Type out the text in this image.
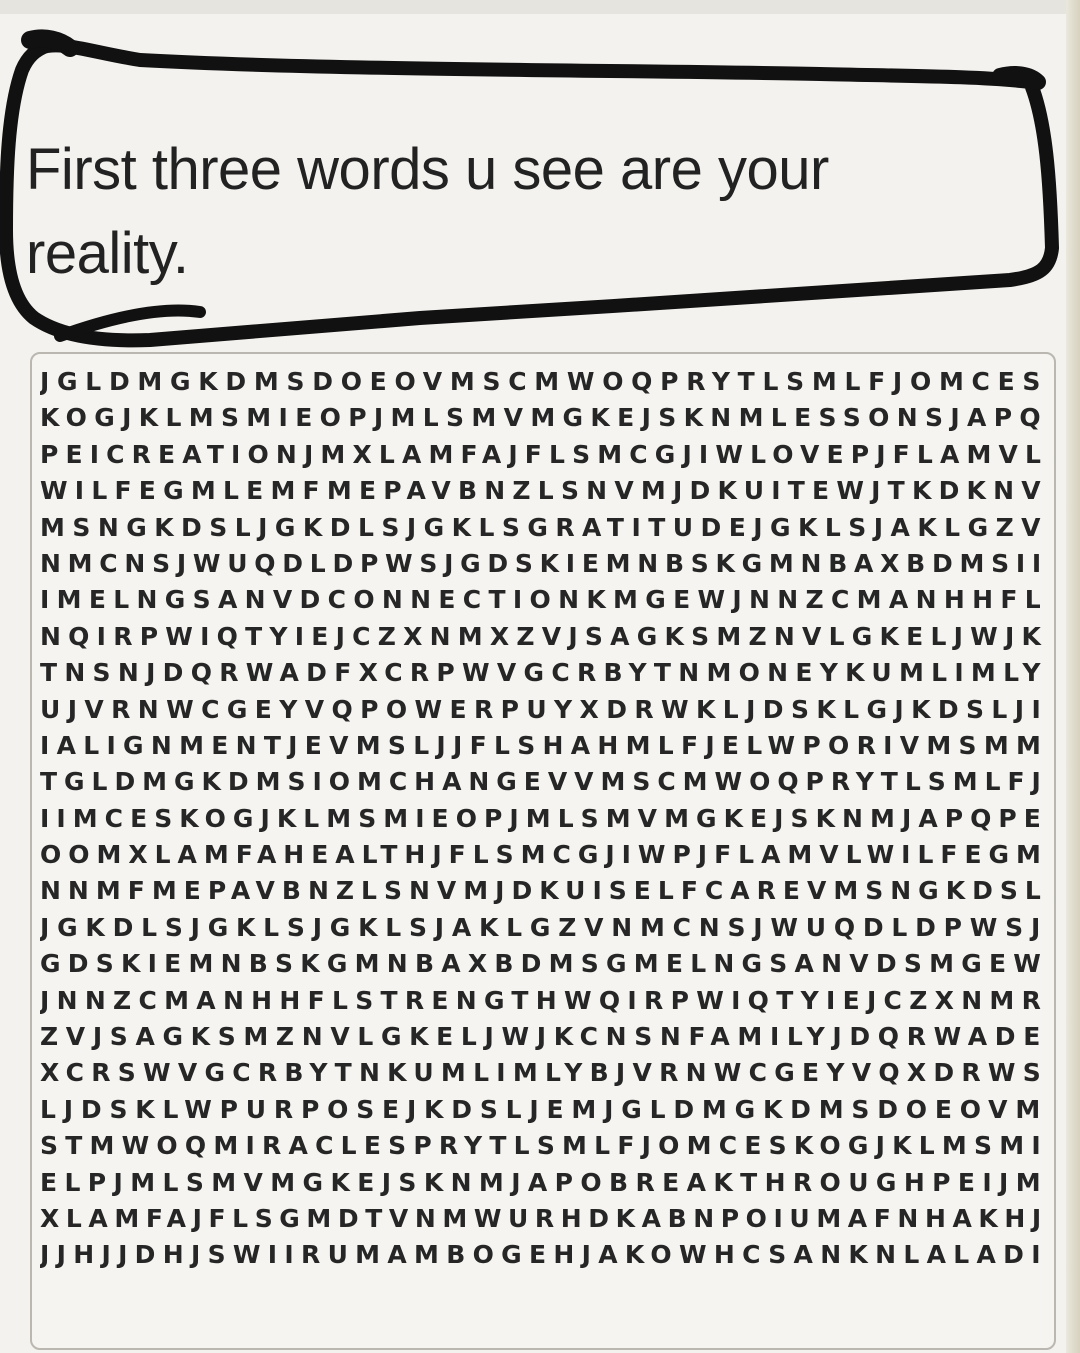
First three words u see are your
reality.
JGLDMGKDMSDOEOVMSCMWOQPRYTLSMLFJOMCES
KOGJKLMSMIEOPJMLSMVMGKEJSKNMLESSONSJAPQ
PEICREATIONJMXLAMFAJFLSMCGJIWLOVEPJFLAMVL
WILFEGMLEMFMEPAVBNZLSNVMJDKUITEWJTKDKNV
MSNGKDSLJGKDLSJGKLSGRATITUDEJGKLSJAKLGZV
NMCNSJWUQDLDPWSJGDSKIEMNBSKGMNBAXBDMSII
IMELNGSANVDCONNECTIONKMGEWJNNZCMANHHFL
NQIRPWIQTYIEJCZXNMXZVJSAGKSMZNVLGKELJWJK
TNSNJDQRWADFXCRPWVGCRBYTNMONEYKUMLIMLY
UJVRNWCGEYVQPOWERPUYXDRWKLJDSKLGJKDSLJI
IALIGNMENTJEVMSLJJFLSHAHMLFJELWPORIVMSMM
TGLDMGKDMSIOMCHANGEVVMSCMWOQPRYTLSMLFJ
IIMCESKOGJKLMSMIEOPJMLSMVMGKEJSKNMJAPQPE
OOMXLAMFAHEALTHJFLSMCGJIWPJFLAMVLWILFEGM
NNMFMEPAVBNZLSNVMJDKUISELFCAREVMSNGKDSL
JGKDLSJGKLSJGKLSJAKLGZVNMCNSJWUQDLDPWSJ
GDSKIEMNBSKGMNBAXBDMSGMELNGSANVDSMGEW
JNNZCMANHHFLSTRENGTHWQIRPWIQTYIEJCZXNMR
ZVJSAGKSMZNVLGKELJWJKCNSNFAMILYJDQRWADE
XCRSWVGCRBYTNKUMLIMLYBJVRNWCGEYVQXDRWS
LJDSKLWPURPOSEJKDSLJEMJGLDMGKDMSDOEOVM
STMWOQMIRACLESPRYTLSMLFJOMCESKOGJKLMSMI
ELPJMLSMVMGKEJSKNMJAPOBREAKTHROUGHPEIJM
XLAMFAJFLSGMDTVNMWURHDKABNPOIUMAFNHAKHJ
JJHJJDHJSWIIRUMAMBOGEHJAKOWHCSANKNLALADI
